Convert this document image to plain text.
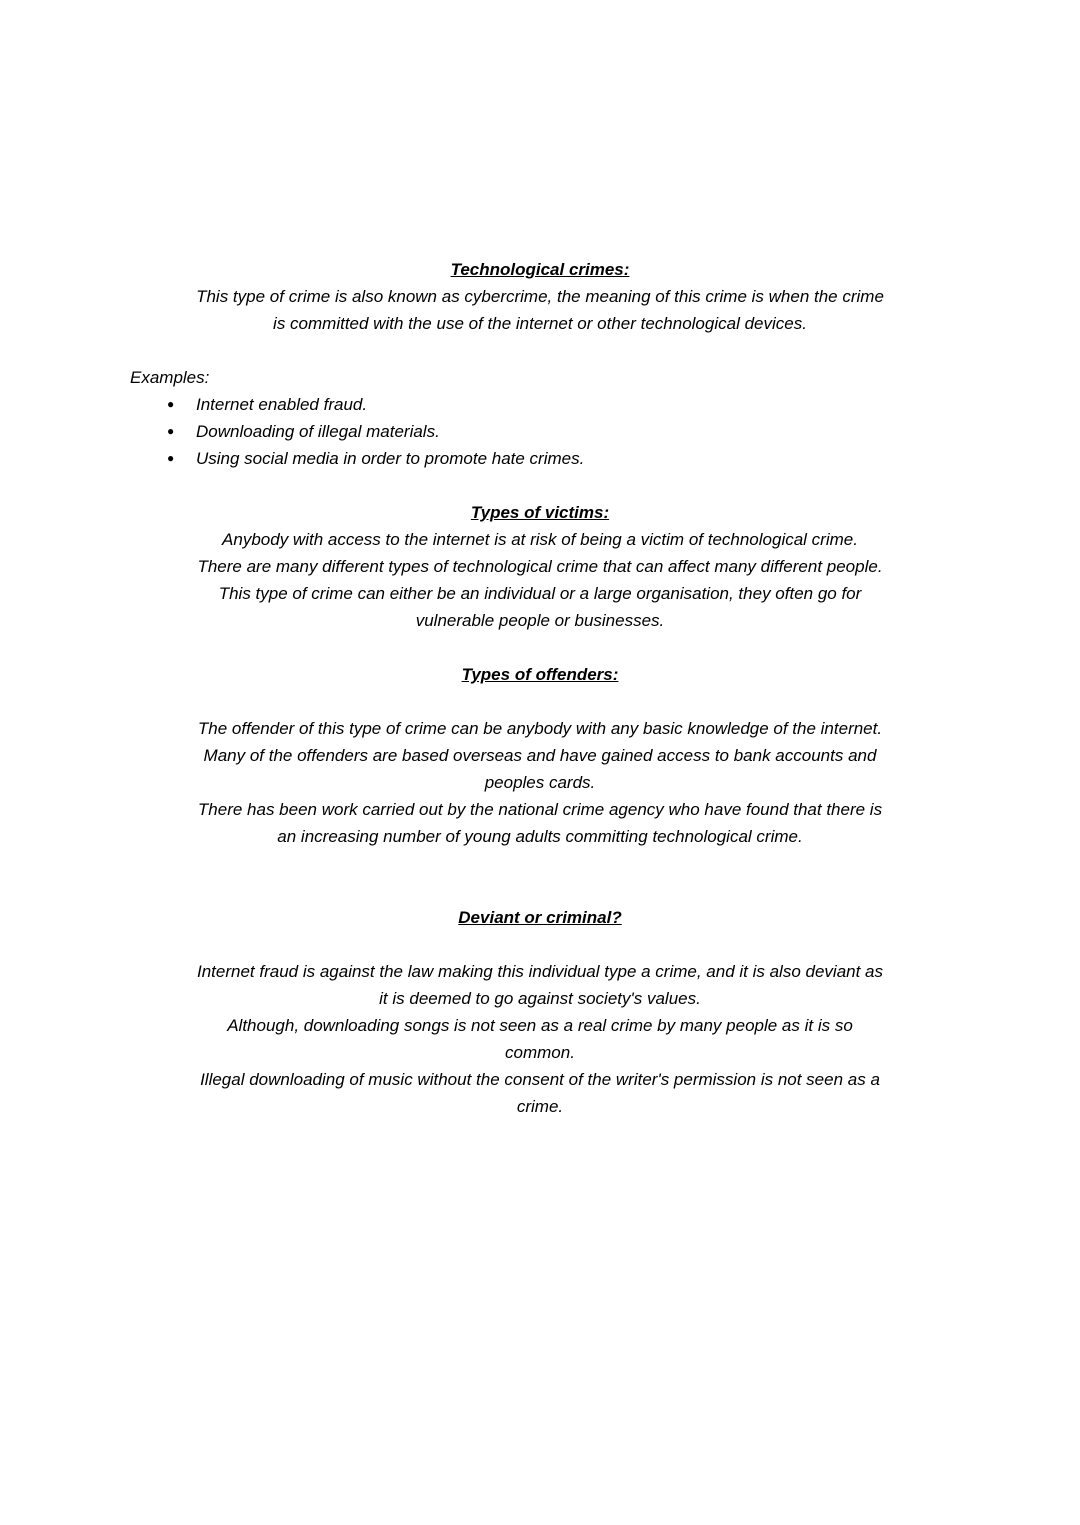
Technological crimes:
This type of crime is also known as cybercrime, the meaning of this crime is when the crime
is committed with the use of the internet or other technological devices.
Examples:
●	Internet enabled fraud.
●	Downloading of illegal materials.
●	Using social media in order to promote hate crimes.
Types of victims:
Anybody with access to the internet is at risk of being a victim of technological crime.
There are many different types of technological crime that can affect many different people.
This type of crime can either be an individual or a large organisation, they often go for
vulnerable people or businesses.
Types of offenders:
The offender of this type of crime can be anybody with any basic knowledge of the internet.
Many of the offenders are based overseas and have gained access to bank accounts and
peoples cards.
There has been work carried out by the national crime agency who have found that there is
an increasing number of young adults committing technological crime.
Deviant or criminal?
Internet fraud is against the law making this individual type a crime, and it is also deviant as
it is deemed to go against society's values.
Although, downloading songs is not seen as a real crime by many people as it is so
common.
Illegal downloading of music without the consent of the writer's permission is not seen as a
crime.
